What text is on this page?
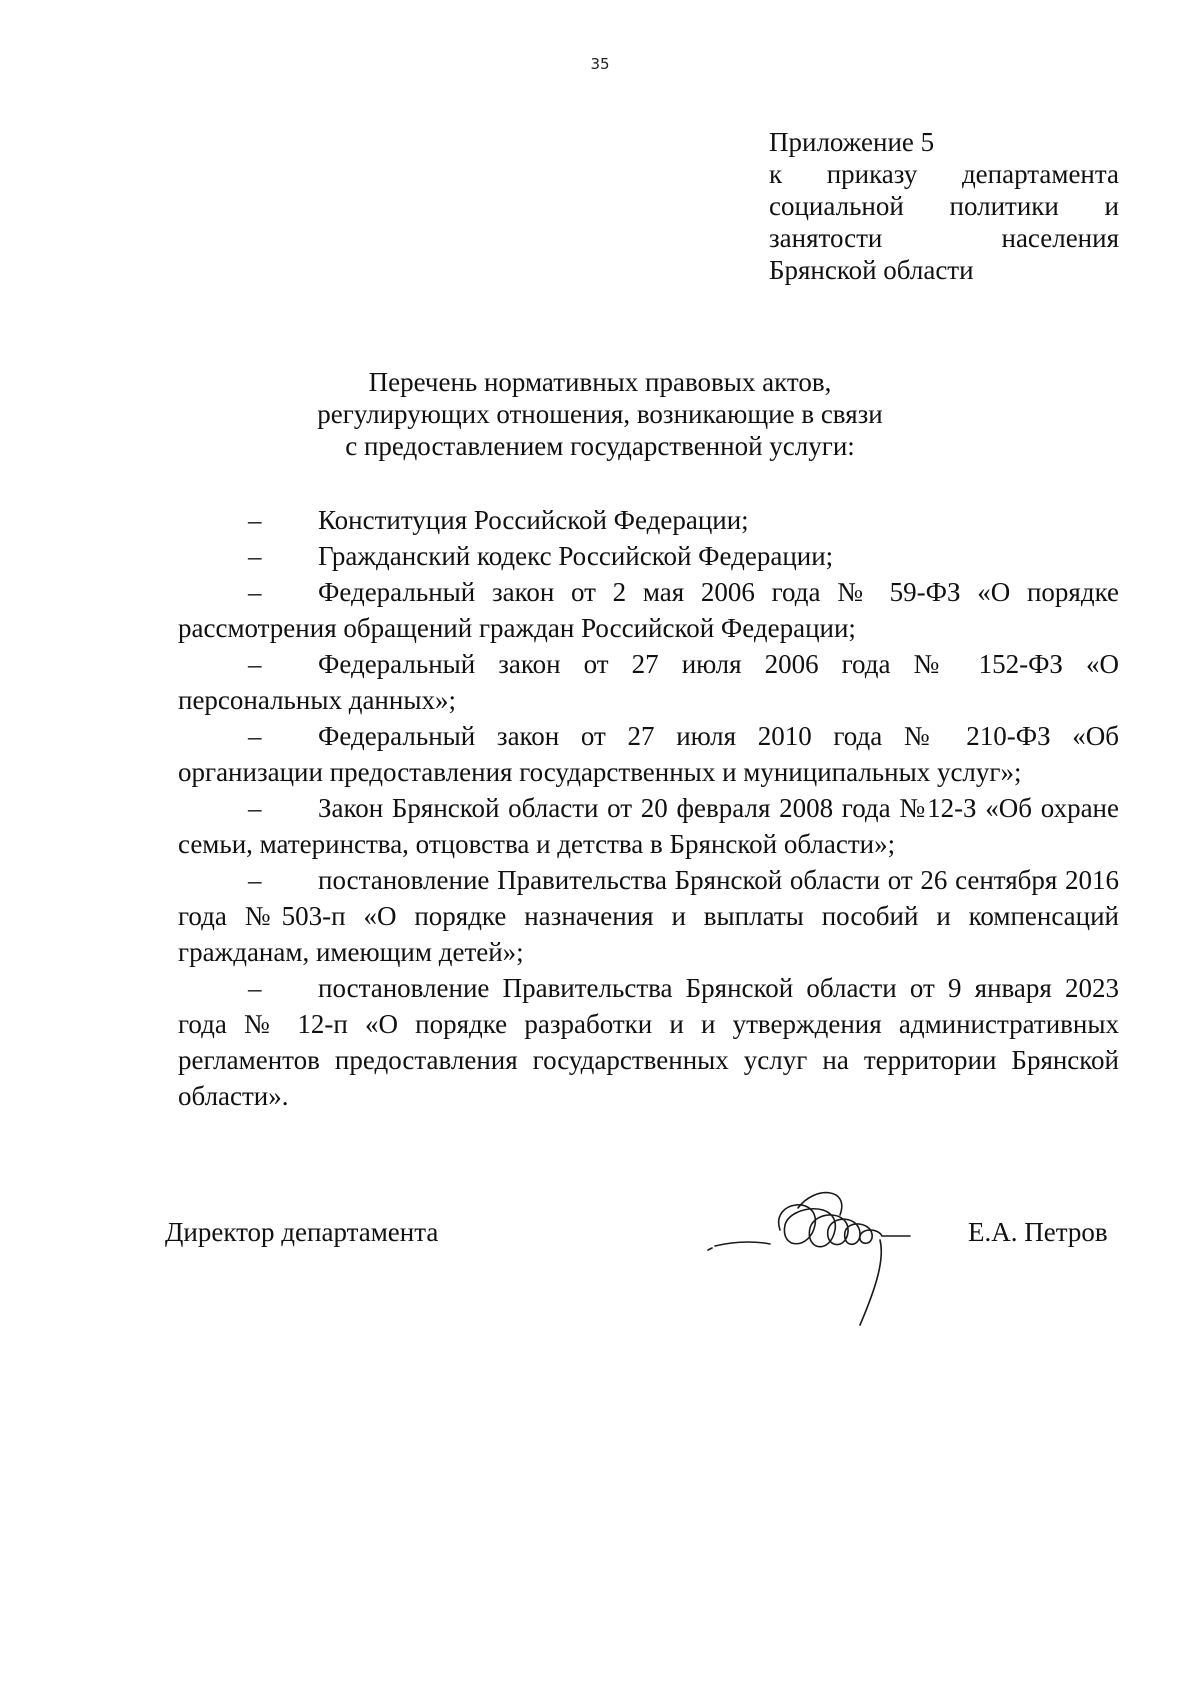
35
Приложение 5
к приказу департамента
социальной политики и
занятости населения
Брянской области
Перечень нормативных правовых актов,
регулирующих отношения, возникающие в связи
с предоставлением государственной услуги:

– Конституция Российской Федерации;

– Гражданский кодекс Российской Федерации;

– Федеральный закон от 2 мая 2006 года № 59-ФЗ «О порядке рассмотрения обращений граждан Российской Федерации;

– Федеральный закон от 27 июля 2006 года № 152-ФЗ «О персональных данных»;

– Федеральный закон от 27 июля 2010 года № 210-ФЗ «Об организации предоставления государственных и муниципальных услуг»;

– Закон Брянской области от 20 февраля 2008 года №12-З «Об охране семьи, материнства, отцовства и детства в Брянской области»;

– постановление Правительства Брянской области от 26 сентября 2016 года №503-п «О порядке назначения и выплаты пособий и компенсаций гражданам, имеющим детей»;

– постановление Правительства Брянской области от 9 января 2023 года № 12-п «О порядке разработки и и утверждения административных регламентов предоставления государственных услуг на территории Брянской области».

Директор департамента	Е.А. Петров
